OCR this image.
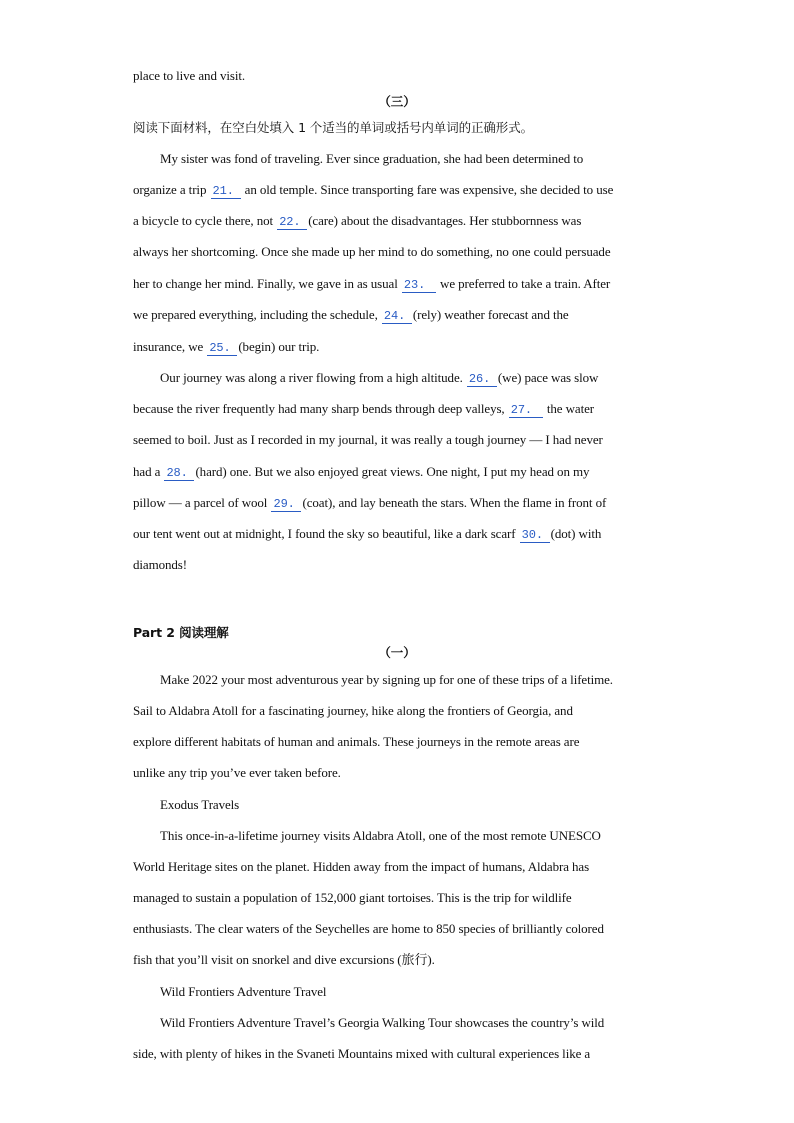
place to live and visit.
（三）
阅读下面材料，在空白处填入 1 个适当的单词或括号内单词的正确形式。
My sister was fond of traveling. Ever since graduation, she had been determined to
organize a trip 21. an old temple. Since transporting fare was expensive, she decided to use
a bicycle to cycle there, not 22. (care) about the disadvantages. Her stubbornness was
always her shortcoming. Once she made up her mind to do something, no one could persuade
her to change her mind. Finally, we gave in as usual 23. we preferred to take a train. After
we prepared everything, including the schedule, 24. (rely) weather forecast and the
insurance, we 25. (begin) our trip.
Our journey was along a river flowing from a high altitude. 26. (we) pace was slow
because the river frequently had many sharp bends through deep valleys, 27. the water
seemed to boil. Just as I recorded in my journal, it was really a tough journey — I had never
had a 28. (hard) one. But we also enjoyed great views. One night, I put my head on my
pillow — a parcel of wool 29. (coat), and lay beneath the stars. When the flame in front of
our tent went out at midnight, I found the sky so beautiful, like a dark scarf 30. (dot) with
diamonds!
Part 2 阅读理解
（一）
Make 2022 your most adventurous year by signing up for one of these trips of a lifetime.
Sail to Aldabra Atoll for a fascinating journey, hike along the frontiers of Georgia, and
explore different habitats of human and animals. These journeys in the remote areas are
unlike any trip you’ve ever taken before.
Exodus Travels
This once-in-a-lifetime journey visits Aldabra Atoll, one of the most remote UNESCO
World Heritage sites on the planet. Hidden away from the impact of humans, Aldabra has
managed to sustain a population of 152,000 giant tortoises. This is the trip for wildlife
enthusiasts. The clear waters of the Seychelles are home to 850 species of brilliantly colored
fish that you’ll visit on snorkel and dive excursions (旅行).
Wild Frontiers Adventure Travel
Wild Frontiers Adventure Travel’s Georgia Walking Tour showcases the country’s wild
side, with plenty of hikes in the Svaneti Mountains mixed with cultural experiences like a
